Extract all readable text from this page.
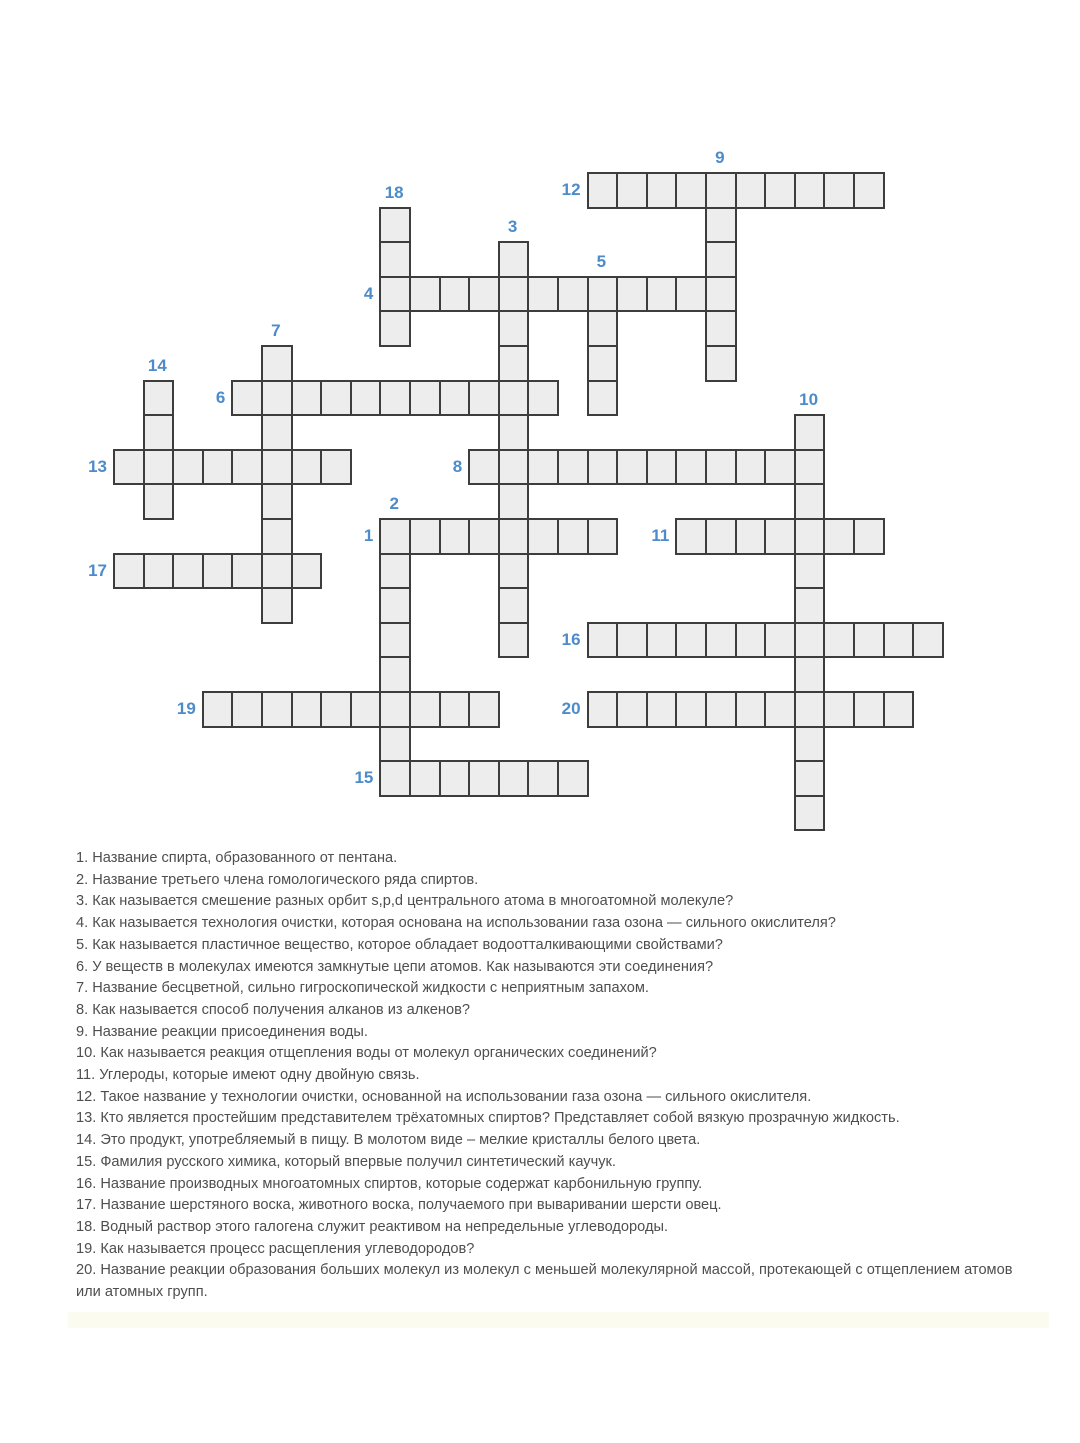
1
2
3
4
5
6
7
8
9
10
11
12
13
14
15
16
17
18
19	20
1. Название спирта, образованного от пентана.
2. Название третьего члена гомологического ряда спиртов.
3. Как называется смешение разных орбит s,p,d центрального атома в многоатомной молекуле?
4. Как называется технология очистки, которая основана на использовании газа озона — сильного окислителя?
5. Как называется пластичное вещество, которое обладает водоотталкивающими свойствами?
6. У веществ в молекулах имеются замкнутые цепи атомов. Как называются эти соединения?
7. Название бесцветной, сильно гигроскопической жидкости с неприятным запахом.
8. Как называется способ получения алканов из алкенов?
9. Название реакции присоединения воды.
10. Как называется реакция отщепления воды от молекул органических соединений?
11. Углероды, которые имеют одну двойную связь.
12. Такое название у технологии очистки, основанной на использовании газа озона — сильного окислителя.
13. Кто является простейшим представителем трёхатомных спиртов? Представляет собой вязкую прозрачную жидкость.
14. Это продукт, употребляемый в пищу. В молотом виде – мелкие кристаллы белого цвета.
15. Фамилия русского химика, который впервые получил синтетический каучук.
16. Название производных многоатомных спиртов, которые содержат карбонильную группу.
17. Название шерстяного воска, животного воска, получаемого при вываривании шерсти овец.
18. Водный раствор этого галогена служит реактивом на непредельные углеводороды.
19. Как называется процесс расщепления углеводородов?
20. Название реакции образования больших молекул из молекул с меньшей молекулярной массой, протекающей с отщеплением атомов или атомных групп.
